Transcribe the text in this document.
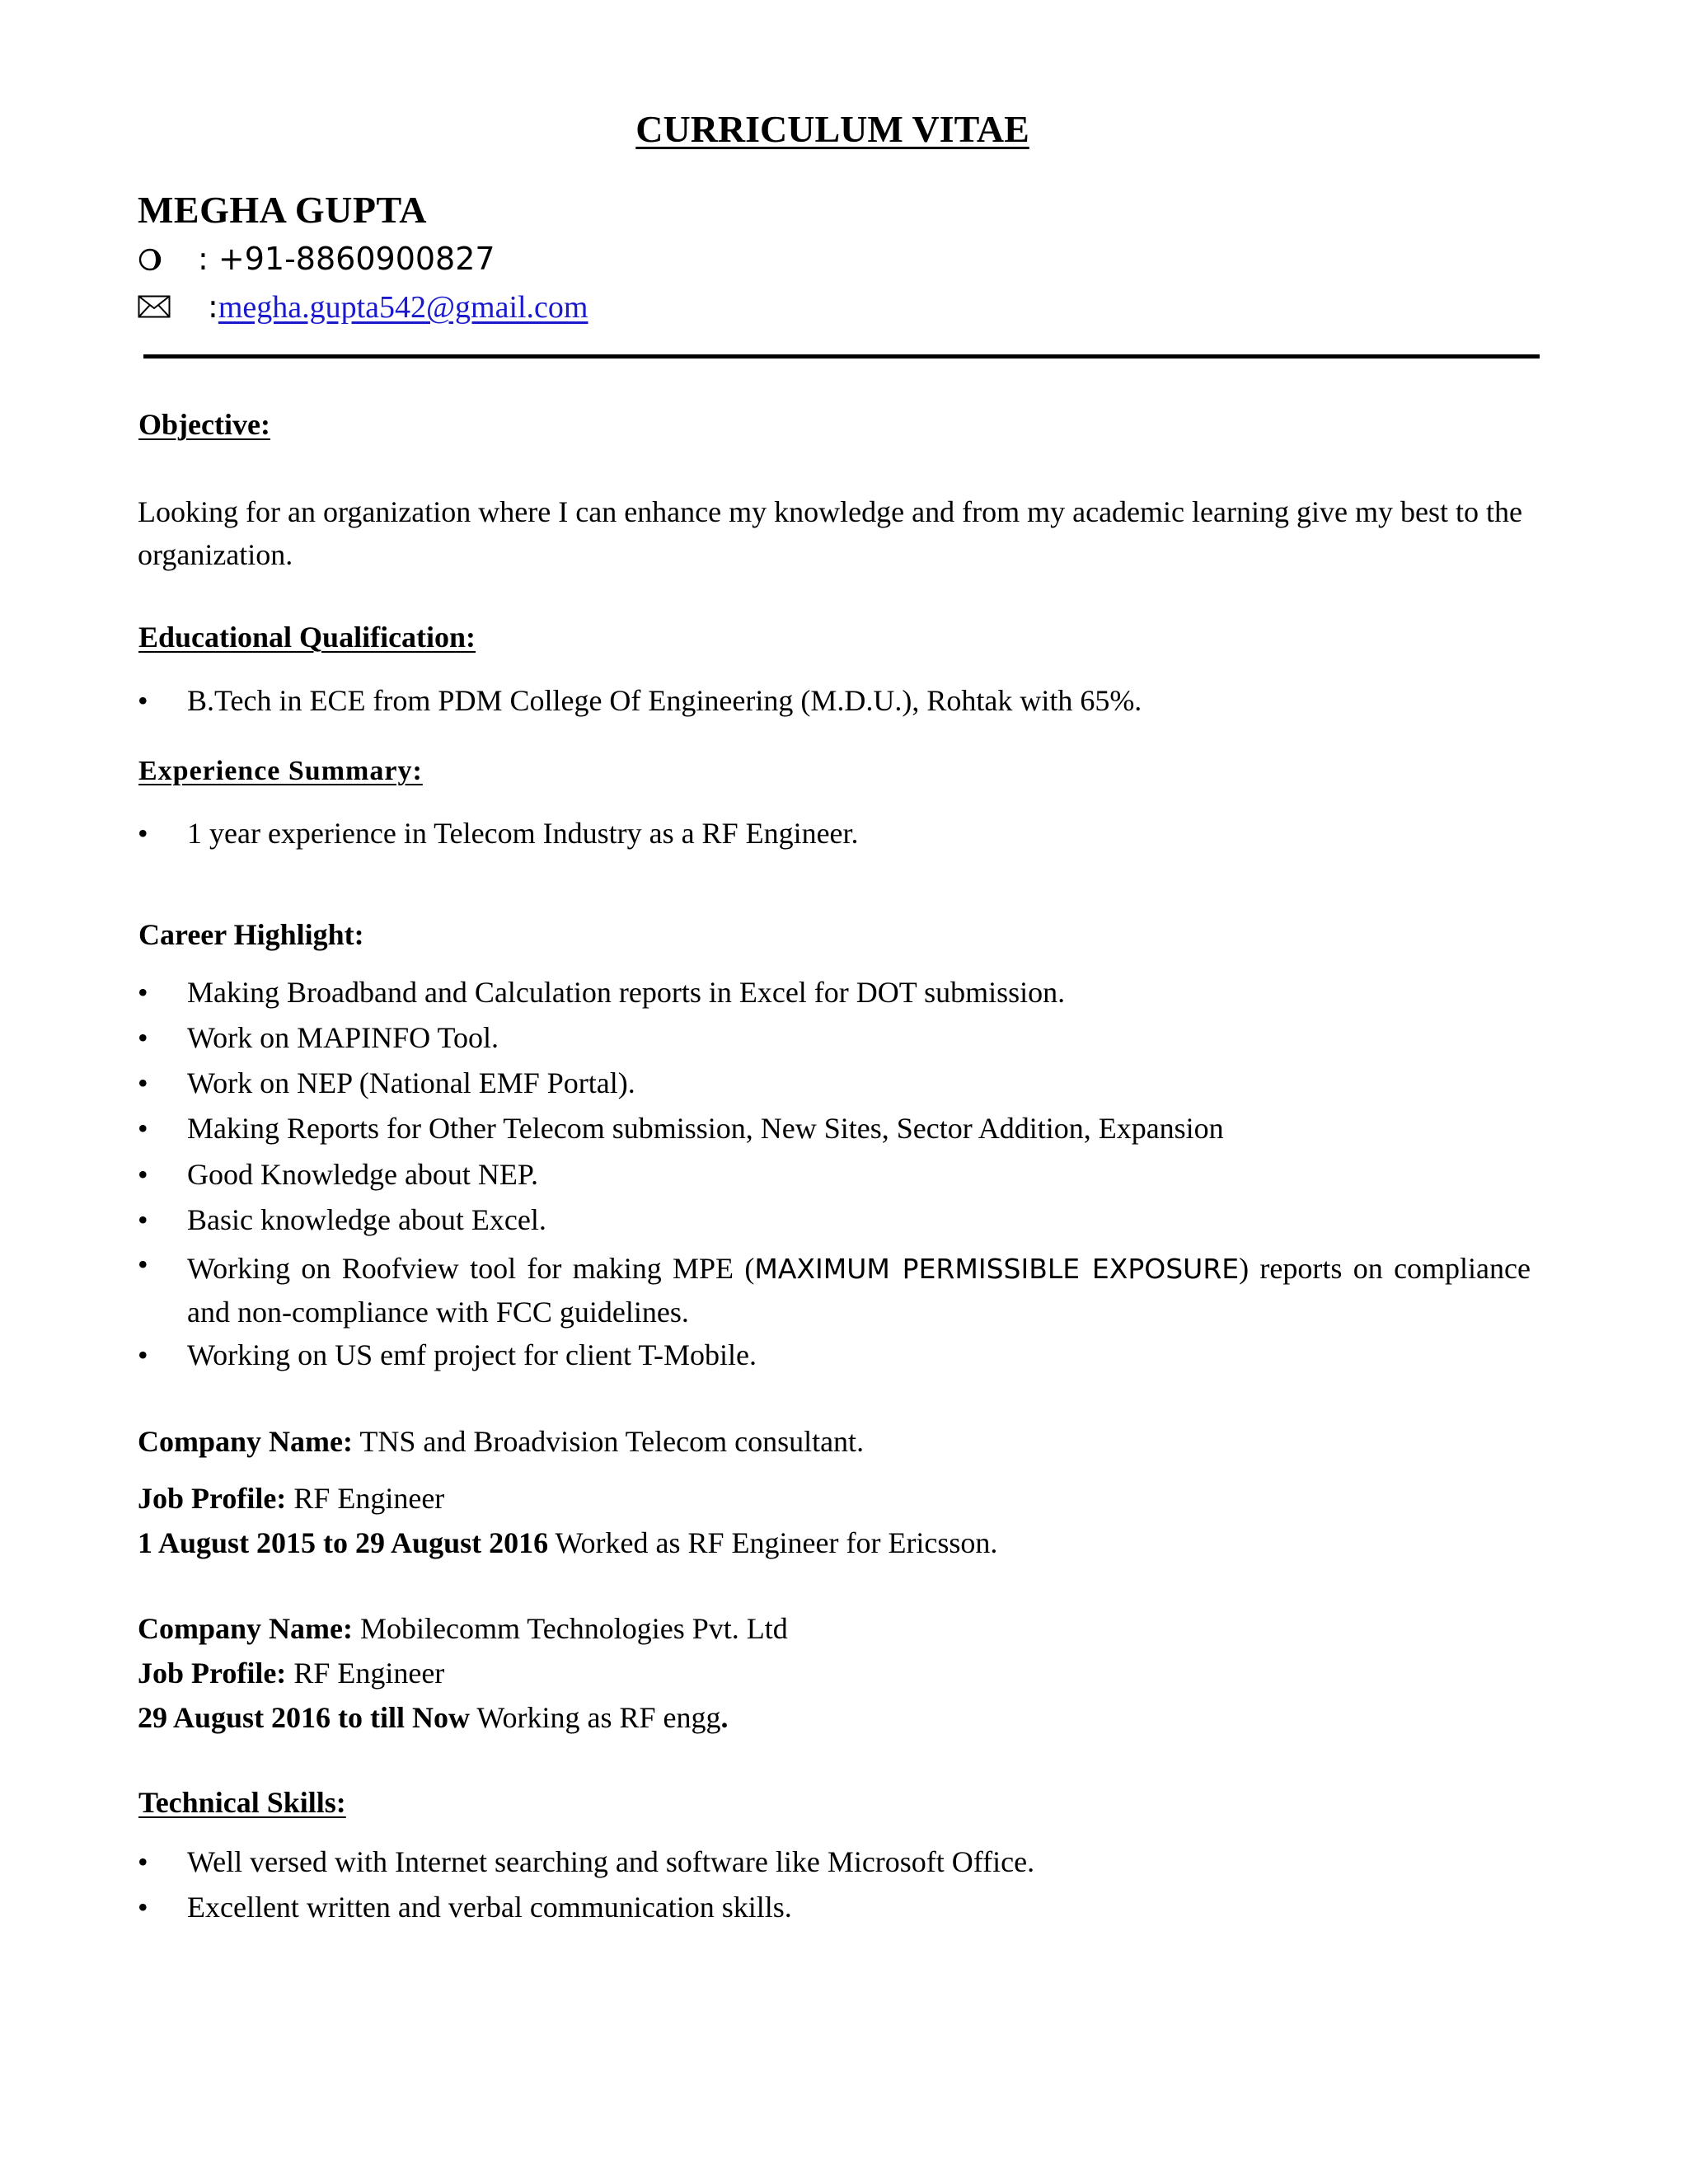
CURRICULUM VITAE
MEGHA GUPTA
: +91-8860900827
:megha.gupta542@gmail.com
Objective:
Looking for an organization where I can enhance my knowledge and from my academic learning give my best to the organization.
Educational Qualification:
•	B.Tech in ECE from PDM College Of Engineering (M.D.U.), Rohtak with 65%.
Experience Summary:
•	1 year experience in Telecom Industry as a RF Engineer.
Career Highlight:
•	Making Broadband and Calculation reports in Excel for DOT submission.
•	Work on MAPINFO Tool.
•	Work on NEP (National EMF Portal).
•	Making Reports for Other Telecom submission, New Sites, Sector Addition, Expansion
•	Good Knowledge about NEP.
•	Basic knowledge about Excel.
•	Working on Roofview tool for making MPE (MAXIMUM PERMISSIBLE EXPOSURE) reports on compliance and non-compliance with FCC guidelines.
•	Working on US emf project for client T-Mobile.
Company Name: TNS and Broadvision Telecom consultant.
Job Profile: RF Engineer
1 August 2015 to 29 August 2016 Worked as RF Engineer for Ericsson.
Company Name: Mobilecomm Technologies Pvt. Ltd
Job Profile: RF Engineer
29 August 2016 to till Now Working as RF engg.
Technical Skills:
•	Well versed with Internet searching and software like Microsoft Office.
•	Excellent written and verbal communication skills.
